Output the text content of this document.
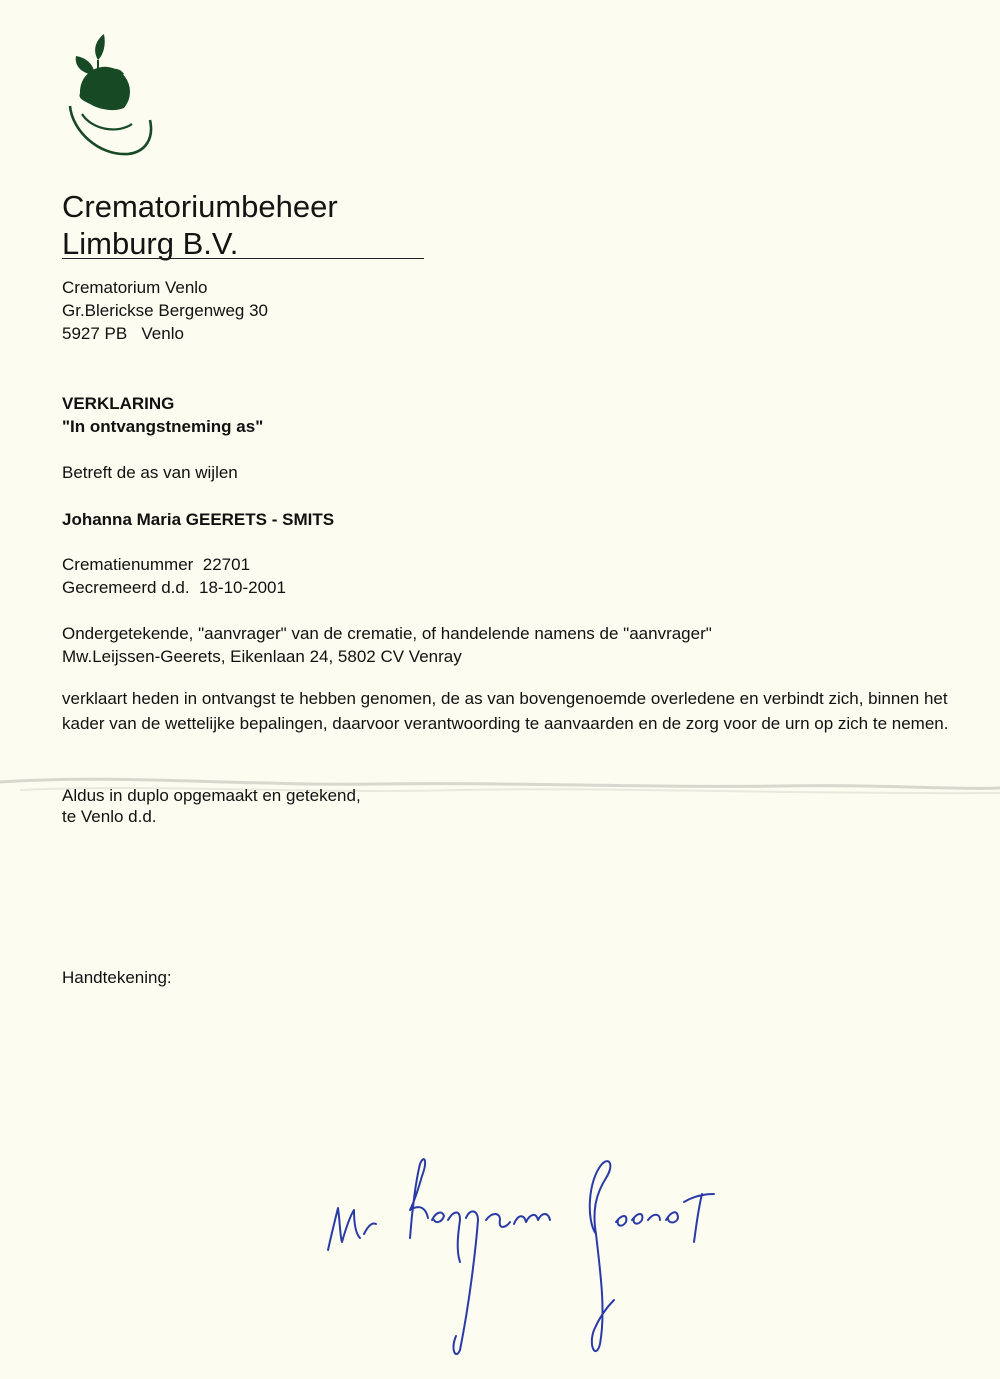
Crematoriumbeheer
Limburg B.V.
Crematorium Venlo
Gr.Blerickse Bergenweg 30
5927 PB   Venlo
VERKLARING
"In ontvangstneming as"
Betreft de as van wijlen
Johanna Maria GEERETS - SMITS
Crematienummer  22701
Gecremeerd d.d.  18-10-2001
Ondergetekende, "aanvrager" van de crematie, of handelende namens de "aanvrager"
Mw.Leijssen-Geerets, Eikenlaan 24, 5802 CV Venray
verklaart heden in ontvangst te hebben genomen, de as van bovengenoemde overledene en verbindt zich, binnen het kader van de wettelijke bepalingen, daarvoor verantwoording te aanvaarden en de zorg voor de urn op zich te nemen.
Aldus in duplo opgemaakt en getekend,
te Venlo d.d.
Handtekening:
